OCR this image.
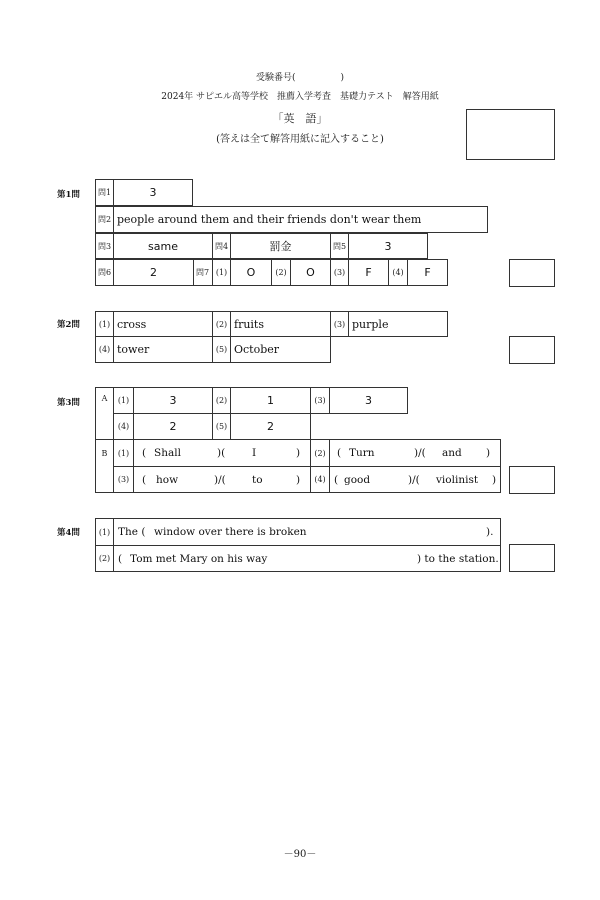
受験番号(　　　　　)
2024年 サピエル高等学校　推薦入学考査　基礎力テスト　解答用紙
「英　語」
(答えは全て解答用紙に記入すること)
第1問	問1	3
問2 people around them and their friends don't wear them
問3	same	問4	罰金	問5	3
問6	2	問7 (1)	O	(2)	O	(3)	F	(4)	F
第2問	(1) cross	(2) fruits	(3) purple
(4) tower	(5) October
第3問	A	(1)	3	(2)	1	(3)	3
(4)	2	(5)	2
B	(1)	( Shall	)(	I	)	(2)	( Turn	)/( and )
(3)	( how	)/(	to	)	(4) ( good	)/( violinist )
第4問	(1) The ( window over there is broken	).
(2) ( Tom met Mary on his way	) to the station.
－90－
